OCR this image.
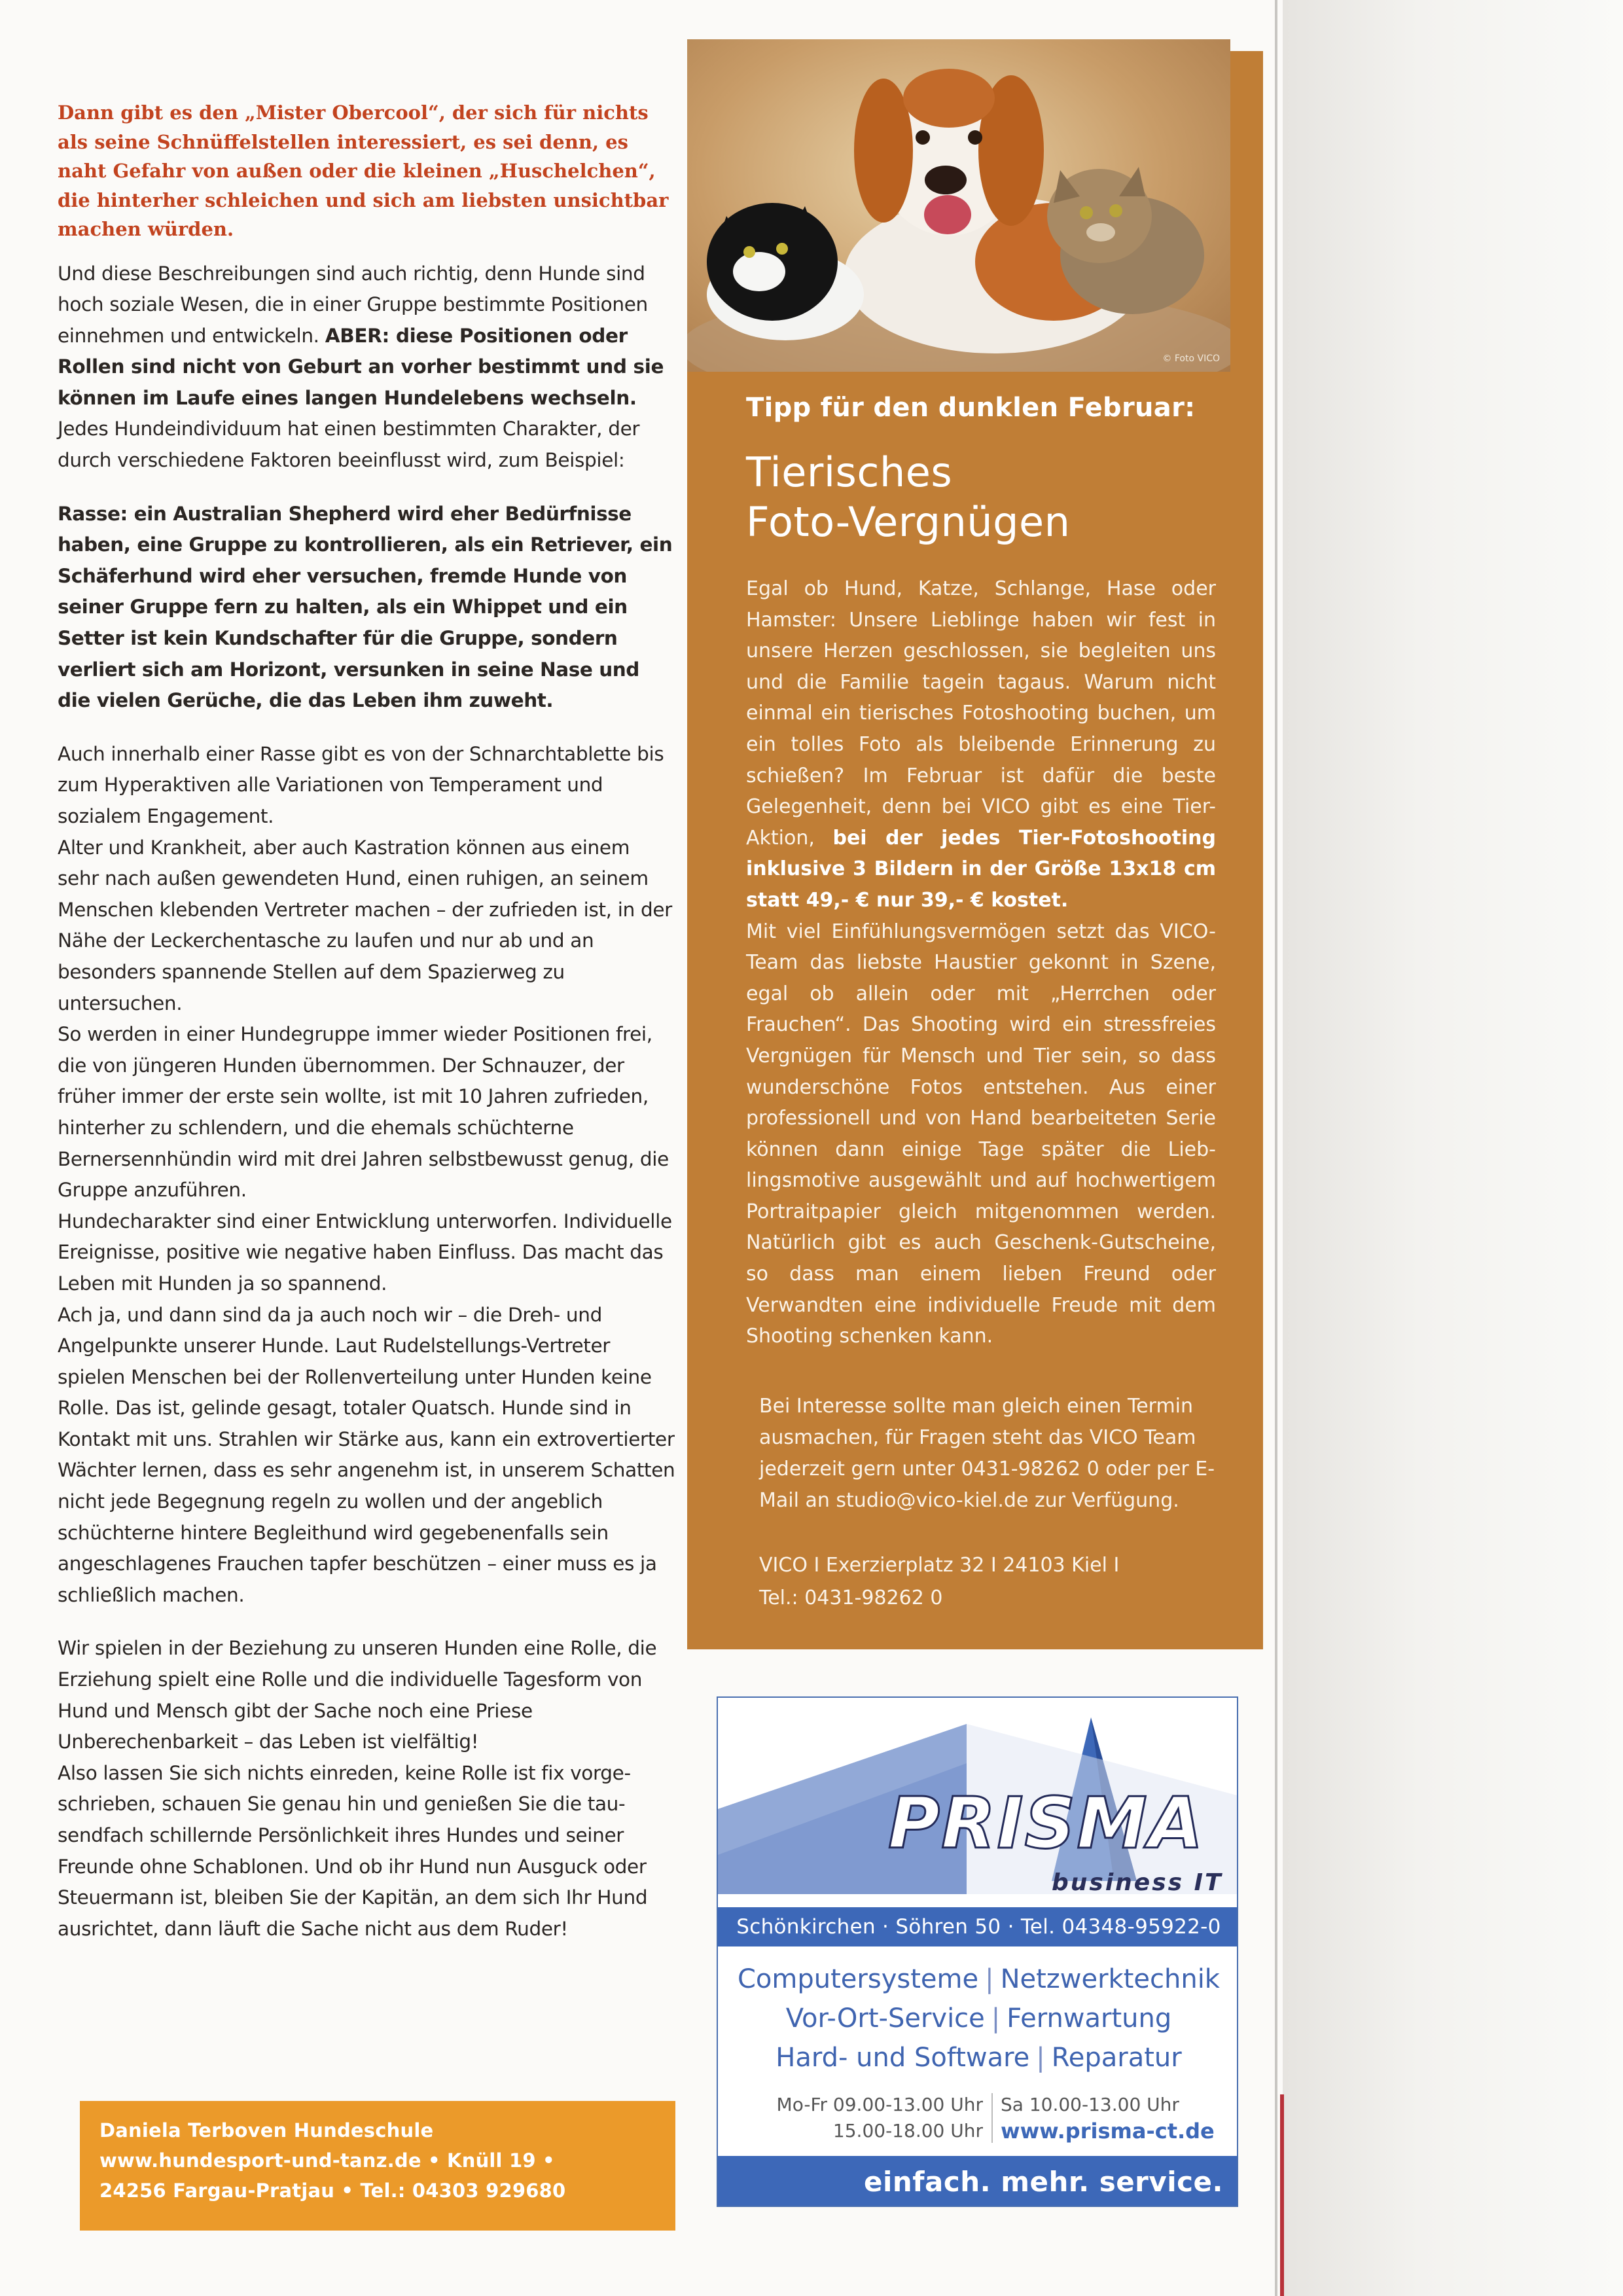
Dann gibt es den „Mister Obercool“, der sich für nichts als seine Schnüffelstellen interessiert, es sei denn, es naht Gefahr von außen oder die kleinen „Huschelchen“, die hinterher schleichen und sich am liebsten unsichtbar machen würden.

Und diese Beschreibungen sind auch richtig, denn Hunde sind hoch soziale Wesen, die in einer Gruppe bestimmte Positionen einnehmen und entwickeln. ABER: diese Positionen oder Rollen sind nicht von Geburt an vorher bestimmt und sie können im Laufe eines langen Hundelebens wechseln.

Jedes Hundeindividuum hat einen bestimmten Charakter, der durch verschiedene Faktoren beeinflusst wird, zum Beispiel:

Rasse: ein Australian Shepherd wird eher Bedürfnisse haben, eine Gruppe zu kontrollieren, als ein Retriever, ein Schäferhund wird eher versuchen, fremde Hunde von seiner Gruppe fern zu halten, als ein Whippet und ein Setter ist kein Kundschafter für die Gruppe, sondern verliert sich am Horizont, versunken in seine Nase und die vielen Gerüche, die das Leben ihm zuweht.

Auch innerhalb einer Rasse gibt es von der Schnarchtablette bis zum Hyperaktiven alle Variationen von Temperament und sozialem Engagement.

Alter und Krankheit, aber auch Kastration können aus einem sehr nach außen gewendeten Hund, einen ruhigen, an seinem Menschen klebenden Vertreter machen – der zufrieden ist, in der Nähe der Leckerchentasche zu laufen und nur ab und an besonders spannende Stellen auf dem Spazierweg zu untersuchen.

So werden in einer Hundegruppe immer wieder Positionen frei, die von jüngeren Hunden übernommen. Der Schnauzer, der früher immer der erste sein wollte, ist mit 10 Jahren zufrieden, hinterher zu schlendern, und die ehemals schüchterne Bernersennhündin wird mit drei Jahren selbstbewusst genug, die Gruppe anzuführen.

Hundecharakter sind einer Entwicklung unterworfen. Individuelle Ereignisse, positive wie negative haben Einfluss. Das macht das Leben mit Hunden ja so spannend.

Ach ja, und dann sind da ja auch noch wir – die Dreh- und Angelpunkte unserer Hunde. Laut Rudelstellungs-Vertreter spielen Menschen bei der Rollenverteilung unter Hunden keine Rolle. Das ist, gelinde gesagt, totaler Quatsch. Hunde sind in Kontakt mit uns. Strahlen wir Stärke aus, kann ein extrovertierter Wächter lernen, dass es sehr angenehm ist, in unserem Schatten nicht jede Begegnung regeln zu wollen und der angeblich schüchterne hintere Begleithund wird gegebenenfalls sein angeschlagenes Frauchen tapfer beschützen – einer muss es ja schließlich machen.

Wir spielen in der Beziehung zu unseren Hunden eine Rolle, die Erziehung spielt eine Rolle und die individuelle Tagesform von Hund und Mensch gibt der Sache noch eine Priese Unberechenbarkeit – das Leben ist vielfältig!

Also lassen Sie sich nichts einreden, keine Rolle ist fix vorgeschrieben, schauen Sie genau hin und genießen Sie die tausendfach schillernde Persönlichkeit ihres Hundes und seiner Freunde ohne Schablonen. Und ob ihr Hund nun Ausguck oder Steuermann ist, bleiben Sie der Kapitän, an dem sich Ihr Hund ausrichtet, dann läuft die Sache nicht aus dem Ruder!

Daniela Terboven Hundeschule
www.hundesport-und-tanz.de • Knüll 19 •
24256 Fargau-Pratjau • Tel.: 04303 929680
© Foto VICO
Tipp für den dunklen Februar:
Tierisches
Foto-Vergnügen

Egal ob Hund, Katze, Schlange, Hase oder Hamster: Unsere Lieblinge haben wir fest in unsere Herzen geschlossen, sie begleiten uns und die Familie tagein tagaus. Warum nicht einmal ein tierisches Fotoshooting buchen, um ein tolles Foto als bleibende Erinnerung zu schießen? Im Februar ist dafür die beste Gelegenheit, denn bei VICO gibt es eine Tier-Aktion, bei der jedes Tier-Fotoshooting inklusive 3 Bildern in der Größe 13x18 cm statt 49,- € nur 39,- € kostet.

Mit viel Einfühlungsvermögen setzt das VICO-Team das liebste Haustier gekonnt in Szene, egal ob allein oder mit „Herrchen oder Frauchen“. Das Shooting wird ein stressfreies Vergnügen für Mensch und Tier sein, so dass wunderschöne Fotos entstehen. Aus einer professionell und von Hand bearbeiteten Serie können dann einige Tage später die Lieblingsmotive ausgewählt und auf hochwertigem Portraitpapier gleich mitgenommen werden. Natürlich gibt es auch Geschenk-Gutscheine, so dass man einem lieben Freund oder Verwandten eine individuelle Freude mit dem Shooting schenken kann.

Bei Interesse sollte man gleich einen Termin ausmachen, für Fragen steht das VICO Team jederzeit gern unter 0431-98262 0 oder per E-Mail an studio@vico-kiel.de zur Verfügung.
VICO I Exerzierplatz 32 I 24103 Kiel I
Tel.: 0431-98262 0
PRISMA
business IT
Schönkirchen · Söhren 50 · Tel. 04348-95922-0
Computersysteme | Netzwerktechnik
Vor-Ort-Service | Fernwartung
Hard- und Software | Reparatur
Mo-Fr 09.00-13.00 Uhr
15.00-18.00 Uhr
Sa 10.00-13.00 Uhr
www.prisma-ct.de
einfach. mehr. service.
